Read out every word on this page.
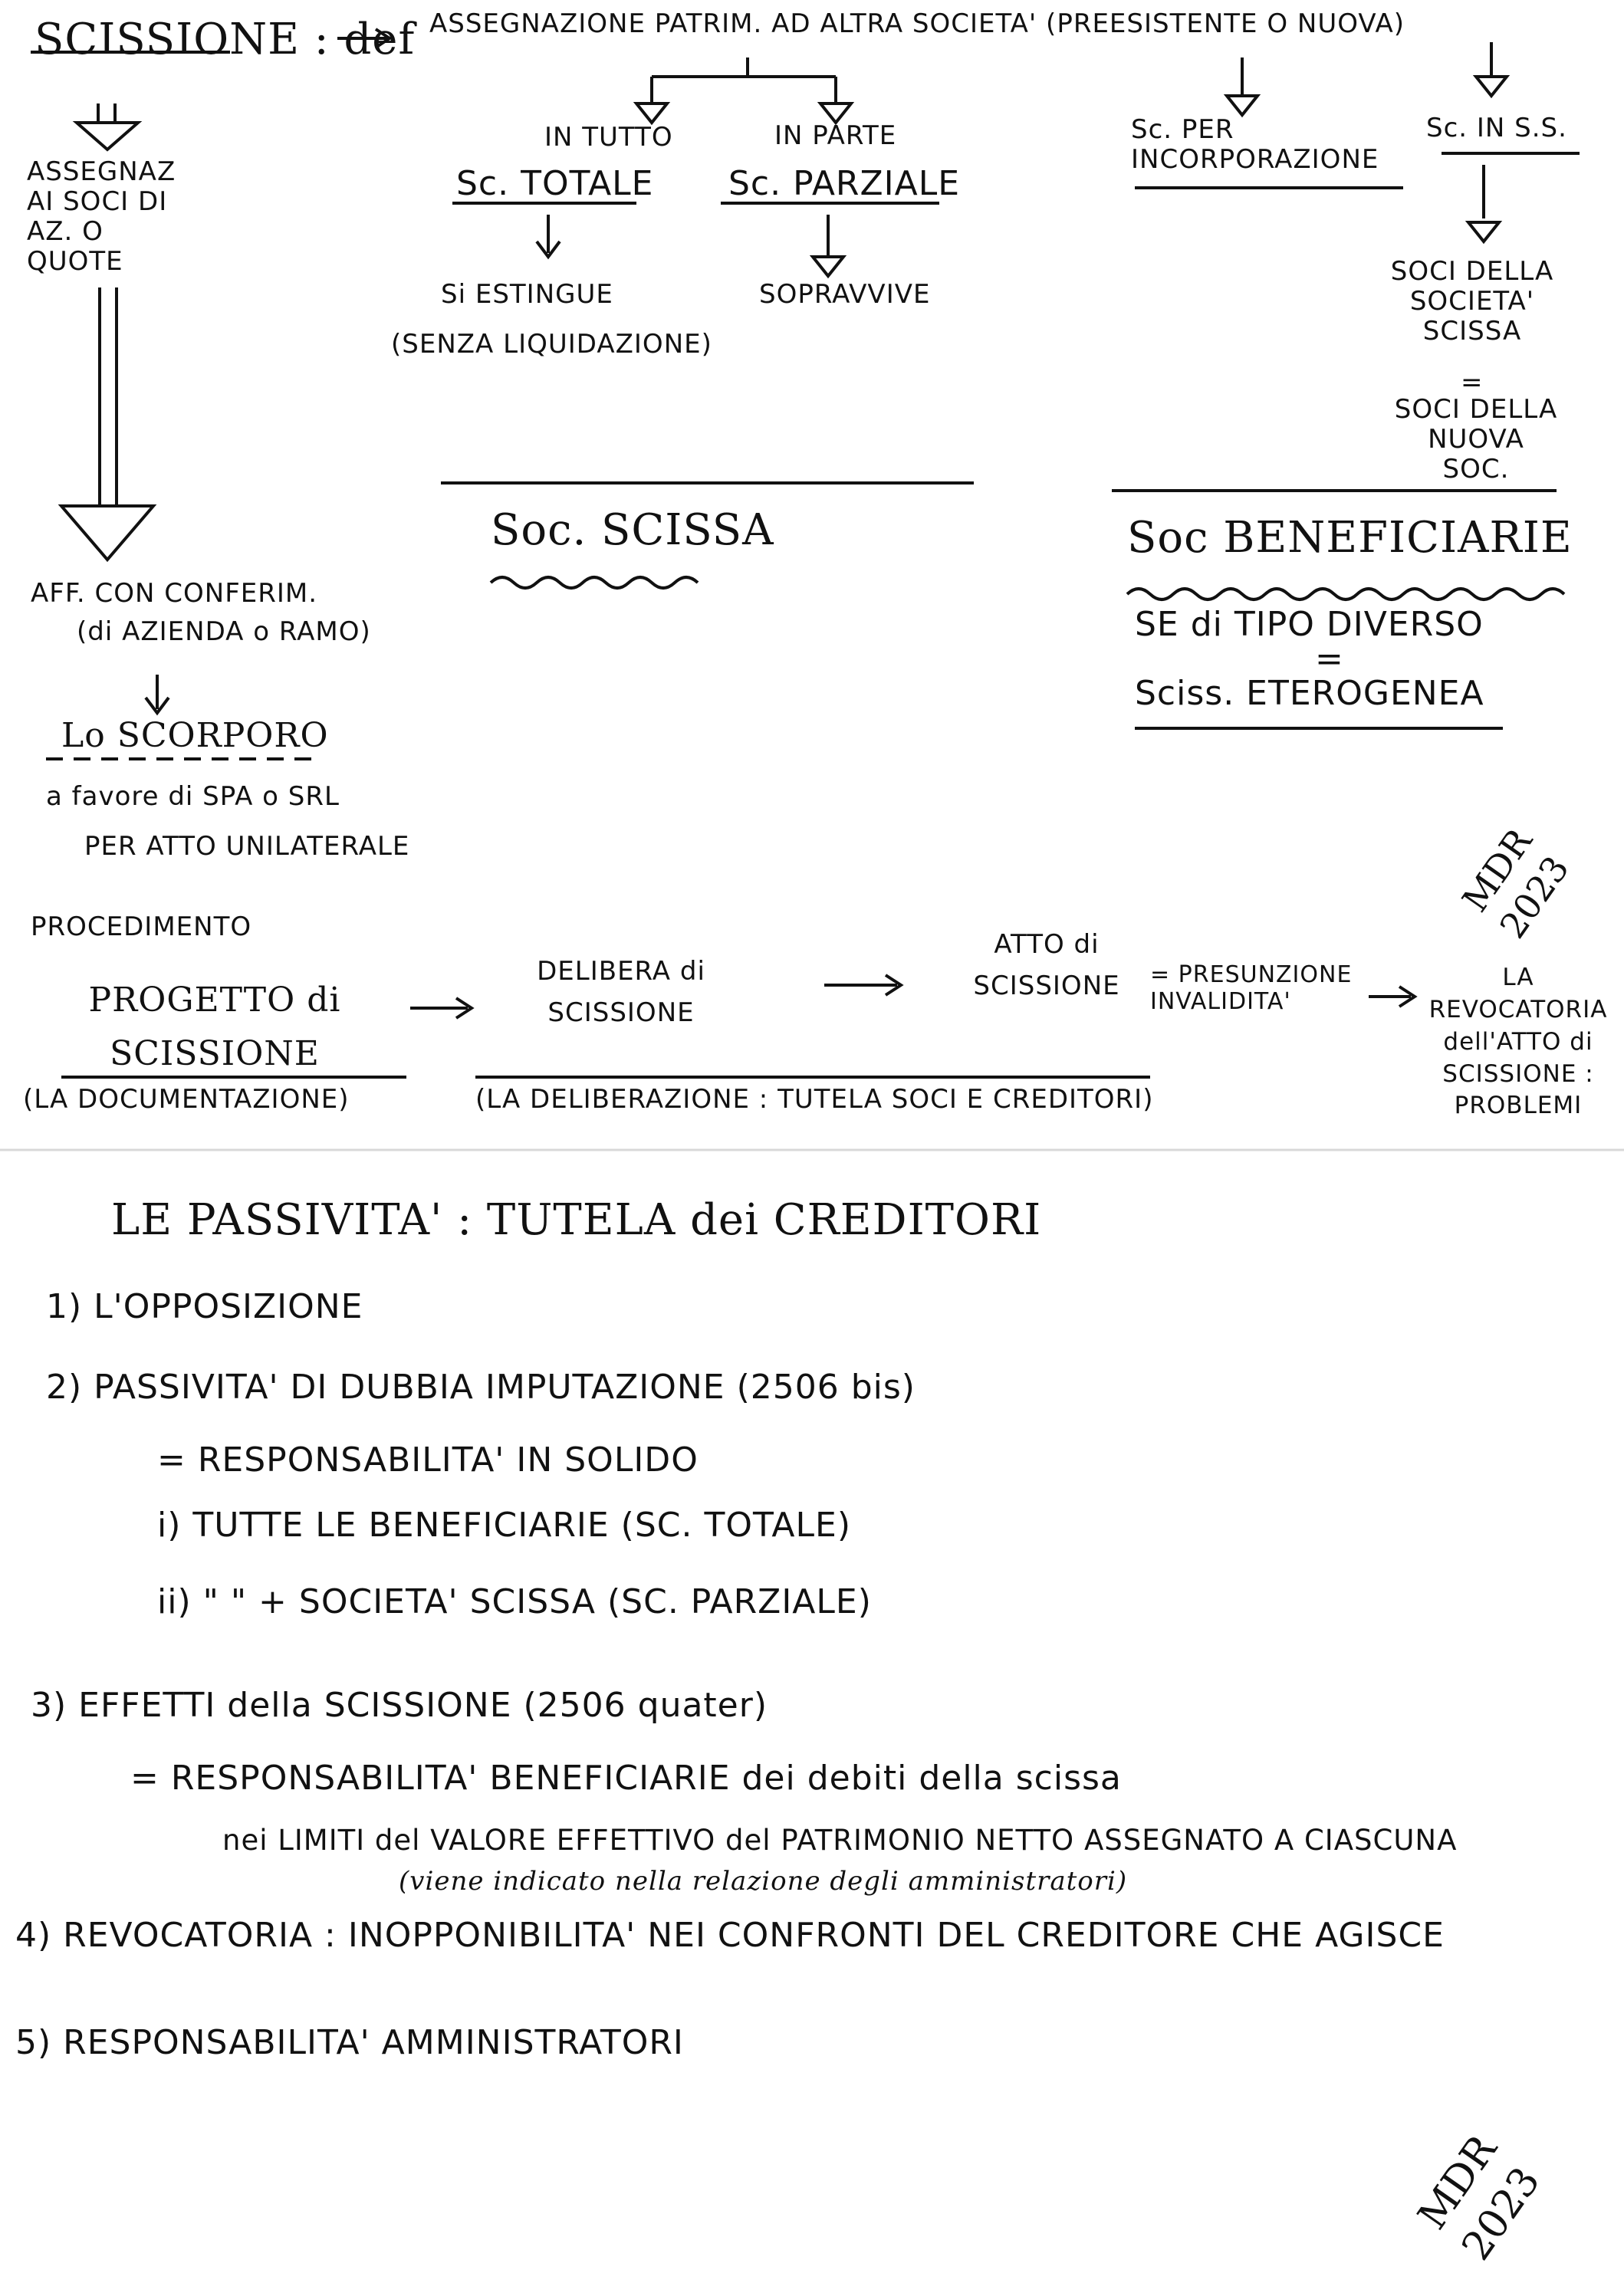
SCISSIONE : def ASSEGNAZIONE PATRIM. AD ALTRA SOCIETA' (PREESISTENTE O NUOVA)
ASSEGNAZ AI SOCI DI AZ. O QUOTE
IN TUTTO
Sc. TOTALE
IN PARTE
Sc. PARZIALE
Si ESTINGUE
(SENZA LIQUIDAZIONE)
SOPRAVVIVE
Sc. PER INCORPORAZIONE
Sc. IN S.S.
SOCI DELLA SOCIETA' SCISSA
=
SOCI DELLA NUOVA SOC.
Soc. SCISSA	Soc BENEFICIARIE
SE di TIPO DIVERSO
=
Sciss. ETEROGENEA
AFF. CON CONFERIM.
(di AZIENDA o RAMO)
Lo SCORPORO
a favore di SPA o SRL
PER ATTO UNILATERALE	MDR 2023
PROCEDIMENTO
PROGETTO di SCISSIONE
(LA DOCUMENTAZIONE)
DELIBERA di SCISSIONE
(LA DELIBERAZIONE : TUTELA SOCI E CREDITORI)
ATTO di SCISSIONE	= PRESUNZIONE INVALIDITA'
LA REVOCATORIA dell'ATTO di SCISSIONE : PROBLEMI
LE PASSIVITA' : TUTELA dei CREDITORI
1) L'OPPOSIZIONE
2) PASSIVITA' DI DUBBIA IMPUTAZIONE (2506 bis)
= RESPONSABILITA' IN SOLIDO
i) TUTTE LE BENEFICIARIE (SC. TOTALE)
ii) " " + SOCIETA' SCISSA (SC. PARZIALE)
3) EFFETTI della SCISSIONE (2506 quater)
= RESPONSABILITA' BENEFICIARIE dei debiti della scissa
nei LIMITI del VALORE EFFETTIVO del PATRIMONIO NETTO ASSEGNATO A CIASCUNA
(viene indicato nella relazione degli amministratori)
4) REVOCATORIA : INOPPONIBILITA' NEI CONFRONTI DEL CREDITORE CHE AGISCE
5) RESPONSABILITA' AMMINISTRATORI
MDR 2023
